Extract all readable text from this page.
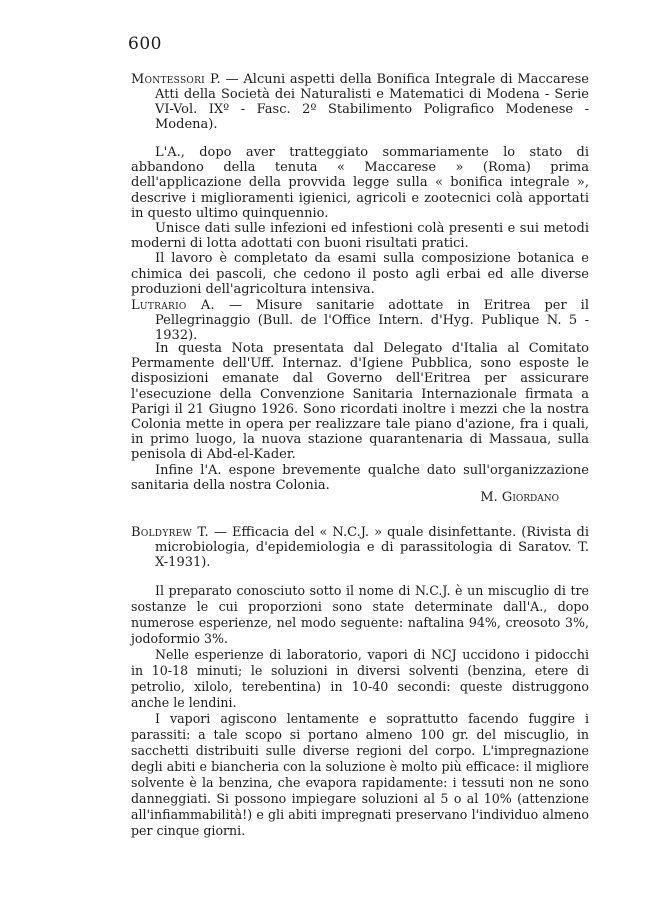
600

Montessori P. — Alcuni aspetti della Bonifica Integrale di Maccarese Atti della Società dei Naturalisti e Matematici di Modena - Serie VI-Vol. IXº - Fasc. 2º Stabilimento Poligrafico Modenese - Modena).

L'A., dopo aver tratteggiato sommariamente lo stato di abbandono della tenuta « Maccarese » (Roma) prima dell'applicazione della provvida legge sulla « bonifica integrale », descrive i miglioramenti igienici, agricoli e zootecnici colà apportati in questo ultimo quinquennio.

Unisce dati sulle infezioni ed infestioni colà presenti e sui metodi moderni di lotta adottati con buoni risultati pratici.

Il lavoro è completato da esami sulla composizione botanica e chimica dei pascoli, che cedono il posto agli erbai ed alle diverse produzioni dell'agricoltura intensiva.

Lutrario A. — Misure sanitarie adottate in Eritrea per il Pellegrinaggio (Bull. de l'Office Intern. d'Hyg. Publique N. 5 - 1932).

In questa Nota presentata dal Delegato d'Italia al Comitato Permamente dell'Uff. Internaz. d'Igiene Pubblica, sono esposte le disposizioni emanate dal Governo dell'Eritrea per assicurare l'esecuzione della Convenzione Sanitaria Internazionale firmata a Parigi il 21 Giugno 1926. Sono ricordati inoltre i mezzi che la nostra Colonia mette in opera per realizzare tale piano d'azione, fra i quali, in primo luogo, la nuova stazione quarantenaria di Massaua, sulla penisola di Abd-el-Kader.

Infine l'A. espone brevemente qualche dato sull'organizzazione sanitaria della nostra Colonia.

M. Giordano

Boldyrew T. — Efficacia del « N.C.J. » quale disinfettante. (Rivista di microbiologia, d'epidemiologia e di parassitologia di Saratov. T. X-1931).

Il preparato conosciuto sotto il nome di N.C.J. è un miscuglio di tre sostanze le cui proporzioni sono state determinate dall'A., dopo numerose esperienze, nel modo seguente: naftalina 94%, creosoto 3%, jodoformio 3%.

Nelle esperienze di laboratorio, vapori di NCJ uccidono i pidocchi in 10-18 minuti; le soluzioni in diversi solventi (benzina, etere di petrolio, xilolo, terebentina) in 10-40 secondi: queste distruggono anche le lendini.

I vapori agiscono lentamente e soprattutto facendo fuggire i parassiti: a tale scopo si portano almeno 100 gr. del miscuglio, in sacchetti distribuiti sulle diverse regioni del corpo. L'impregnazione degli abiti e biancheria con la soluzione è molto più efficace: il migliore solvente è la benzina, che evapora rapidamente: i tessuti non ne sono danneggiati. Si possono impiegare soluzioni al 5 o al 10% (attenzione all'infiammabilità!) e gli abiti impregnati preservano l'individuo almeno per cinque giorni.
